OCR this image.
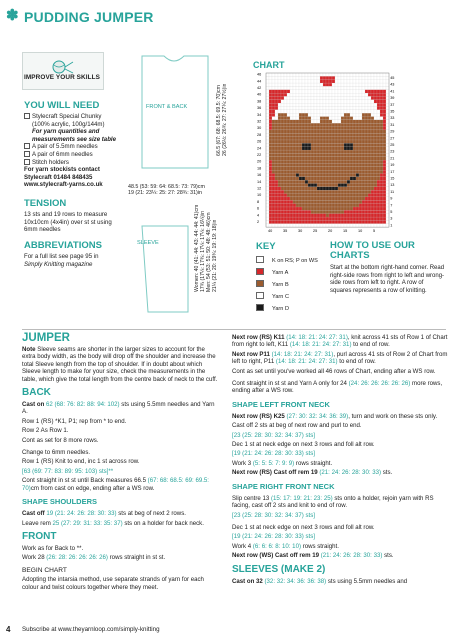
✽ PUDDING JUMPER
IMPROVE YOUR SKILLS
YOU WILL NEED
Stylecraft Special Chunky
(100% acrylic, 100g/144m)
For yarn quantities and
measurements see size table
A pair of 5.5mm needles
A pair of 6mm needles
Stitch holders
For yarn stockists contact
Stylecraft 01484 848435
www.stylecraft-yarns.co.uk
TENSION
13 sts and 19 rows to measure
10x10cm (4x4in) over st st using
6mm needles
ABBREVIATIONS
For a full list see page 95 in
Simply Knitting magazine
FRONT & BACK
SLEEVE
66.5 (67: 68: 68.5: 69.5: 70)cm 26 (26½: 26¾: 27: 27¼: 27½)in
48.5 (53: 59: 64: 68.5: 73: 79)cm
19 (21: 23¼: 25: 27: 28¾: 31)in
Women: 40 (41: 44: 43: 44: 44: 41)cm 17¾ (17¼: 17¾: 17¼: 17¼: 16¼)in Men: 54 (53: 51: 50: 48: 48: 46)cm 21¼ (21: 20: 19¾: 19: 19: 18)in
CHART
46
44
42
40
38
36
34
32
30
28
26
24
22
20
18
16
14
12
10
8
6
4
2
45
43
41
39
37
35
33
31
29
27
25
23
21
19
17
15
13
11
9
7
5
3
1
40	35	30	25	20	15	10	5
KEY
K on RS; P on WS
Yarn A
Yarn B
Yarn C
Yarn D
HOW TO USE OUR
CHARTS
Start at the bottom right-hand corner. Read right-side rows from right to left and wrong-side rows from left to right. A row of squares represents a row of knitting.
JUMPER
Note Sleeve seams are shorter in the larger sizes to account for the extra body width, as the body will drop off the shoulder and increase the total Sleeve length from the top of shoulder. If in doubt about which Sleeve length to make for your size, check the measurements in the table, which give the total length from the centre back of neck to the cuff.
BACK
Cast on 62 (68: 76: 82: 88: 94: 102) sts using 5.5mm needles and Yarn A.
Row 1 (RS) *K1, P1; rep from * to end.
Row 2 As Row 1.
Cont as set for 8 more rows.
Change to 6mm needles.
Row 1 (RS) Knit to end, inc 1 st across row.
[63 (69: 77: 83: 89: 95: 103) sts]**
Cont straight in st st until Back measures 66.5 (67: 68: 68.5: 69: 69.5: 70)cm from cast on edge, ending after a WS row.
SHAPE SHOULDERS
Cast off 19 (21: 24: 26: 28: 30: 33) sts at beg of next 2 rows.
Leave rem 25 (27: 29: 31: 33: 35: 37) sts on a holder for back neck.
FRONT
Work as for Back to **.
Work 28 (26: 28: 26: 26: 26: 26) rows straight in st st.
BEGIN CHART
Adopting the intarsia method, use separate strands of yarn for each colour and twist colours together where they meet.
Next row (RS) K11 (14: 18: 21: 24: 27: 31), knit across 41 sts of Row 1 of Chart from right to left, K11 (14: 18: 21: 24: 27: 31) to end of row.
Next row P11 (14: 18: 21: 24: 27: 31), purl across 41 sts of Row 2 of Chart from left to right, P11 (14: 18: 21: 24: 27: 31) to end of row.
Cont as set until you've worked all 46 rows of Chart, ending after a WS row.
Cont straight in st st and Yarn A only for 24 (24: 26: 26: 26: 26: 26) more rows, ending after a WS row.
SHAPE LEFT FRONT NECK
Next row (RS) K25 (27: 30: 32: 34: 36: 39), turn and work on these sts only.
Cast off 2 sts at beg of next row and purl to end.
[23 (25: 28: 30: 32: 34: 37) sts]
Dec 1 st at neck edge on next 3 rows and foll alt row.
[19 (21: 24: 26: 28: 30: 33) sts]
Work 3 (5: 5: 5: 7: 9: 9) rows straight.
Next row (RS) Cast off rem 19 (21: 24: 26: 28: 30: 33) sts.
SHAPE RIGHT FRONT NECK
Slip centre 13 (15: 17: 19: 21: 23: 25) sts onto a holder, rejoin yarn with RS facing, cast off 2 sts and knit to end of row.
[23 (25: 28: 30: 32: 34: 37) sts]
Dec 1 st at neck edge on next 3 rows and foll alt row.
[19 (21: 24: 26: 28: 30: 33) sts]
Work 4 (6: 6: 6: 8: 10: 10) rows straight.
Next row (WS) Cast off rem 19 (21: 24: 26: 28: 30: 33) sts.
SLEEVES (MAKE 2)
Cast on 32 (32: 32: 34: 36: 36: 38) sts using 5.5mm needles and
4 Subscribe at www.theyarnloop.com/simply-knitting
